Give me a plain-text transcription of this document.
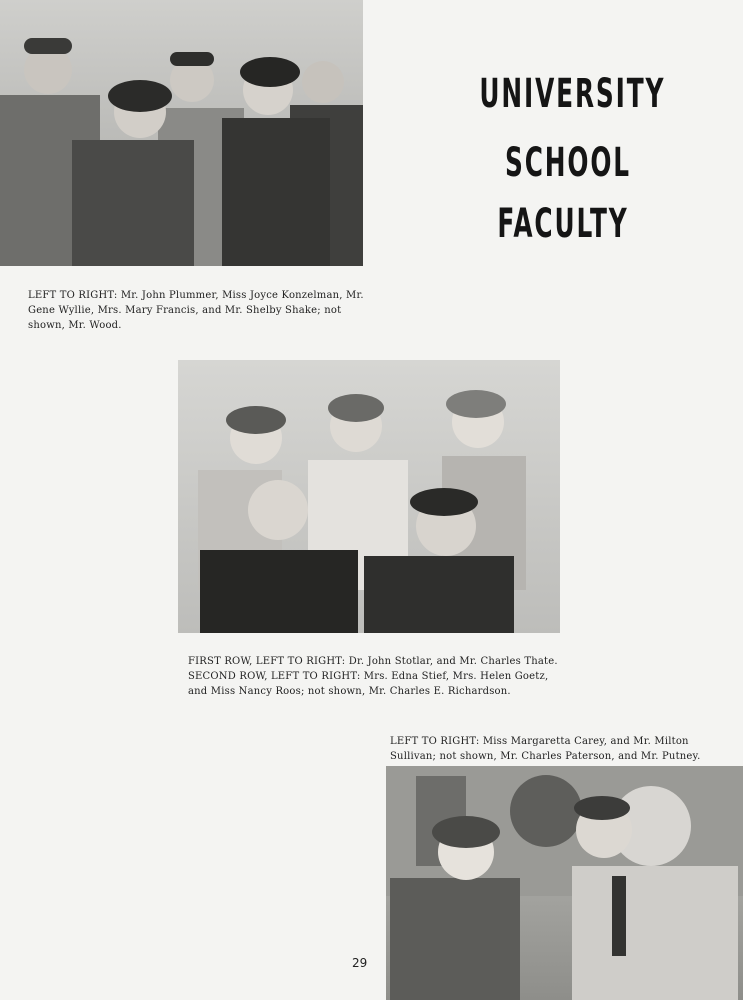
UNIVERSITY
SCHOOL
FACULTY
LEFT TO RIGHT: Mr. John Plummer, Miss Joyce Konzelman, Mr. Gene Wyllie, Mrs. Mary Francis, and Mr. Shelby Shake; not shown, Mr. Wood.
FIRST ROW, LEFT TO RIGHT: Dr. John Stotlar, and Mr. Charles Thate. SECOND ROW, LEFT TO RIGHT: Mrs. Edna Stief, Mrs. Helen Goetz, and Miss Nancy Roos; not shown, Mr. Charles E. Richardson.
LEFT TO RIGHT: Miss Margaretta Carey, and Mr. Milton Sullivan; not shown, Mr. Charles Paterson, and Mr. Putney.
29
